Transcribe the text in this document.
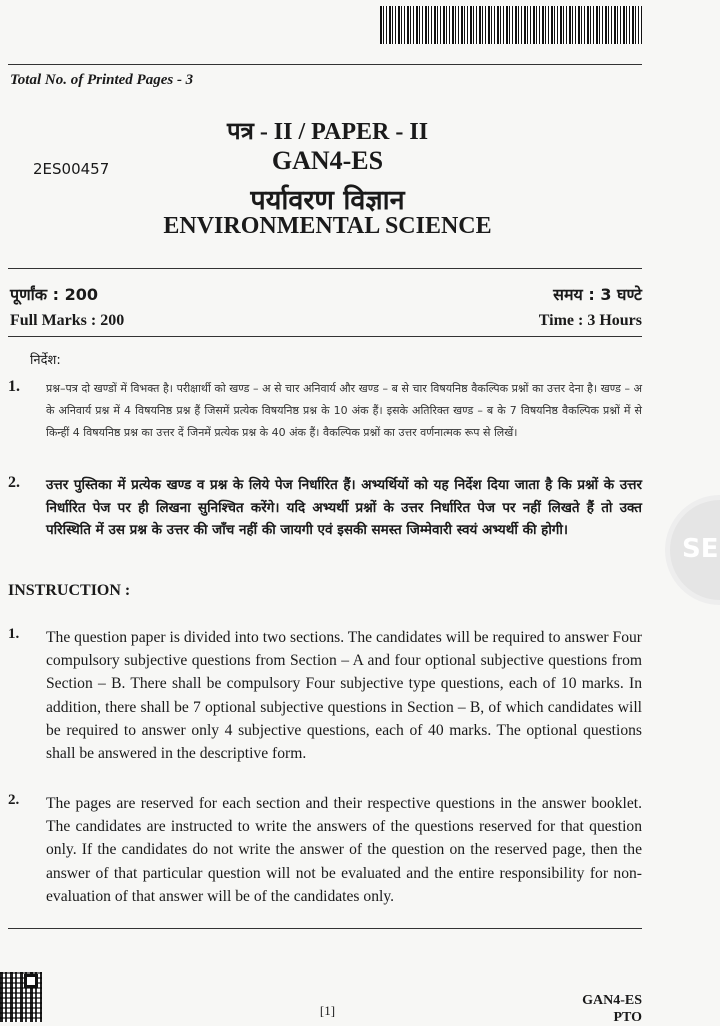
Total No. of Printed Pages - 3
पत्र - II / PAPER - II
GAN4-ES
2ES00457
पर्यावरण विज्ञान
ENVIRONMENTAL SCIENCE
पूर्णांक : 200
Full Marks : 200
समय : 3 घण्टे
Time : 3 Hours
निर्देश:
1. प्रश्न–पत्र दो खण्डों में विभक्त है। परीक्षार्थी को खण्ड – अ से चार अनिवार्य और खण्ड – ब से चार विषयनिष्ठ वैकल्पिक प्रश्नों का उत्तर देना है। खण्ड – अ के अनिवार्य प्रश्न में 4 विषयनिष्ठ प्रश्न हैं जिसमें प्रत्येक विषयनिष्ठ प्रश्न के 10 अंक हैं। इसके अतिरिक्त खण्ड – ब के 7 विषयनिष्ठ वैकल्पिक प्रश्नों में से किन्हीं 4 विषयनिष्ठ प्रश्न का उत्तर दें जिनमें प्रत्येक प्रश्न के 40 अंक हैं। वैकल्पिक प्रश्नों का उत्तर वर्णनात्मक रूप से लिखें।
2. उत्तर पुस्तिका में प्रत्येक खण्ड व प्रश्न के लिये पेज निर्धारित हैं। अभ्यर्थियों को यह निर्देश दिया जाता है कि प्रश्नों के उत्तर निर्धारित पेज पर ही लिखना सुनिश्चित करेंगे। यदि अभ्यर्थी प्रश्नों के उत्तर निर्धारित पेज पर नहीं लिखते हैं तो उक्त परिस्थिति में उस प्रश्न के उत्तर की जाँच नहीं की जायगी एवं इसकी समस्त जिम्मेवारी स्वयं अभ्यर्थी की होगी।
INSTRUCTION :
1. The question paper is divided into two sections. The candidates will be required to answer Four compulsory subjective questions from Section – A and four optional subjective questions from Section – B. There shall be compulsory Four subjective type questions, each of 10 marks. In addition, there shall be 7 optional subjective questions in Section – B, of which candidates will be required to answer only 4 subjective questions, each of 40 marks. The optional questions shall be answered in the descriptive form.
2. The pages are reserved for each section and their respective questions in the answer booklet. The candidates are instructed to write the answers of the questions reserved for that question only. If the candidates do not write the answer of the question on the reserved page, then the answer of that particular question will not be evaluated and the entire responsibility for non-evaluation of that answer will be of the candidates only.
[1]
GAN4-ES
PTO
SE
